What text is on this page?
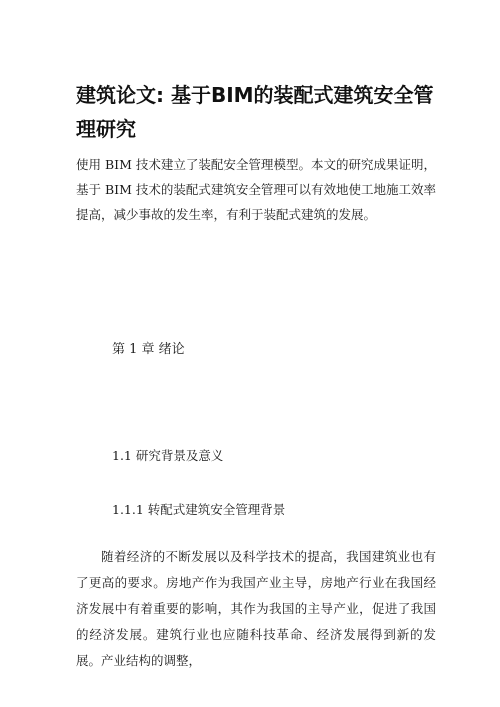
建筑论文: 基于BIM的装配式建筑安全管理研究
使用 BIM 技术建立了装配安全管理模型。本文的研究成果证明，基于 BIM 技术的装配式建筑安全管理可以有效地使工地施工效率提高，减少事故的发生率，有利于装配式建筑的发展。
第 1 章 绪论
1.1 研究背景及意义
1.1.1 转配式建筑安全管理背景
随着经济的不断发展以及科学技术的提高，我国建筑业也有了更高的要求。房地产作为我国产业主导，房地产行业在我国经济发展中有着重要的影响，其作为我国的主导产业，促进了我国的经济发展。建筑行业也应随科技革命、经济发展得到新的发展。产业结构的调整，
